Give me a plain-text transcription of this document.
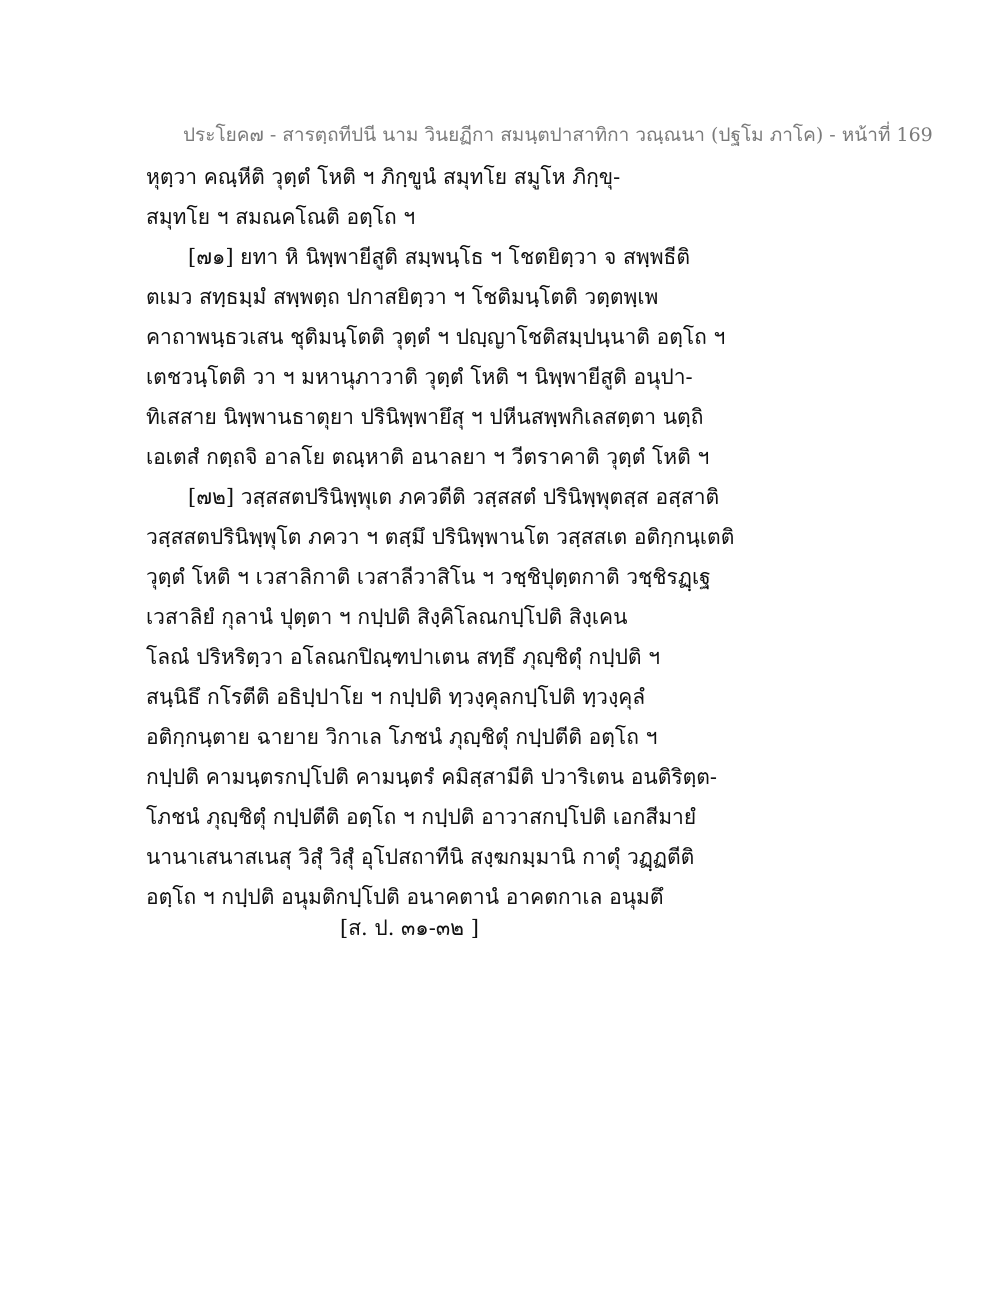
ประโยค๗ - สารตฺถทีปนี นาม วินยฏีกา สมนฺตปาสาทิกา วณฺณนา (ปฐโม ภาโค) - หน้าที่ 169
หุตฺวา คณฺหีติ วุตฺตํ โหติ ฯ ภิกฺขูนํ สมุทโย สมูโห ภิกฺขุ-
สมุทโย ฯ สมณคโณติ อตฺโถ ฯ
[๗๑] ยทา หิ นิพฺพายีสูติ สมฺพนฺโธ ฯ โชตยิตฺวา จ สพฺพธีติ
ตเมว สทฺธมฺมํ สพฺพตฺถ ปกาสยิตฺวา ฯ โชติมนฺโตติ วตฺตพฺเพ
คาถาพนฺธวเสน ชุติมนฺโตติ วุตฺตํ ฯ ปญฺญาโชติสมฺปนฺนาติ อตฺโถ ฯ
เตชวนฺโตติ วา ฯ มหานุภาวาติ วุตฺตํ โหติ ฯ นิพฺพายีสูติ อนุปา-
ทิเสสาย นิพฺพานธาตุยา ปรินิพฺพายึสุ ฯ ปหีนสพฺพกิเลสตฺตา นตฺถิ
เอเตสํ กตฺถจิ อาลโย ตณฺหาติ อนาลยา ฯ วีตราคาติ วุตฺตํ โหติ ฯ
[๗๒] วสฺสสตปรินิพฺพุเต ภควตีติ วสฺสสตํ ปรินิพฺพุตสฺส อสฺสาติ
วสฺสสตปรินิพฺพุโต ภควา ฯ ตสฺมึ ปรินิพฺพานโต วสฺสสเต อติกฺกนฺเตติ
วุตฺตํ โหติ ฯ เวสาลิกาติ เวสาลีวาสิโน ฯ วชฺชิปุตฺตกาติ วชฺชิรฏฺเฐ
เวสาลิยํ กุลานํ ปุตฺตา ฯ กปฺปติ สิงฺคิโลณกปฺโปติ สิงฺเคน
โลณํ ปริหริตฺวา อโลณกปิณฺฑปาเตน สทฺธึ ภุญฺชิตุํ กปฺปติ ฯ
สนฺนิธึ กโรตีติ อธิปฺปาโย ฯ กปฺปติ ทฺวงฺคุลกปฺโปติ ทฺวงฺคุลํ
อติกฺกนฺตาย ฉายาย วิกาเล โภชนํ ภุญฺชิตุํ กปฺปตีติ อตฺโถ ฯ
กปฺปติ คามนฺตรกปฺโปติ คามนฺตรํ คมิสฺสามีติ ปวาริเตน อนติริตฺต-
โภชนํ ภุญฺชิตุํ กปฺปตีติ อตฺโถ ฯ กปฺปติ อาวาสกปฺโปติ เอกสีมายํ
นานาเสนาสเนสุ วิสุํ วิสุํ อุโปสถาทีนิ สงฺฆกมฺมานิ กาตุํ วฏฺฏตีติ
อตฺโถ ฯ กปฺปติ อนุมติกปฺโปติ อนาคตานํ อาคตกาเล อนุมตึ
[ส. ป. ๓๑-๓๒ ]
